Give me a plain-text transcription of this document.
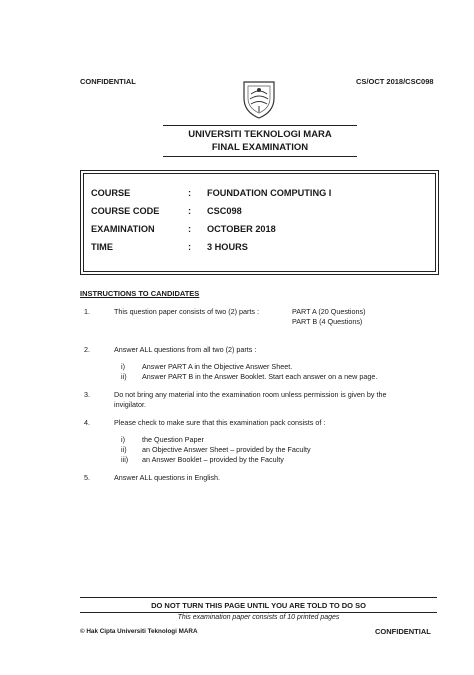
CONFIDENTIAL	CS/OCT 2018/CSC098
UNIVERSITI TEKNOLOGI MARA
FINAL EXAMINATION
COURSE	: FOUNDATION COMPUTING I
COURSE CODE	: CSC098
EXAMINATION	: OCTOBER 2018
TIME	: 3 HOURS
INSTRUCTIONS TO CANDIDATES
1.	This question paper consists of two (2) parts :	PART A (20 Questions)
PART B (4 Questions)
2.	Answer ALL questions from all two (2) parts :
i) Answer PART A in the Objective Answer Sheet.
ii) Answer PART B in the Answer Booklet. Start each answer on a new page.
3.	Do not bring any material into the examination room unless permission is given by the
invigilator.
4.	Please check to make sure that this examination pack consists of :
i) the Question Paper
ii) an Objective Answer Sheet – provided by the Faculty
iii) an Answer Booklet – provided by the Faculty
5.	Answer ALL questions in English.
DO NOT TURN THIS PAGE UNTIL YOU ARE TOLD TO DO SO
This examination paper consists of 10 printed pages
© Hak Cipta Universiti Teknologi MARA	CONFIDENTIAL
